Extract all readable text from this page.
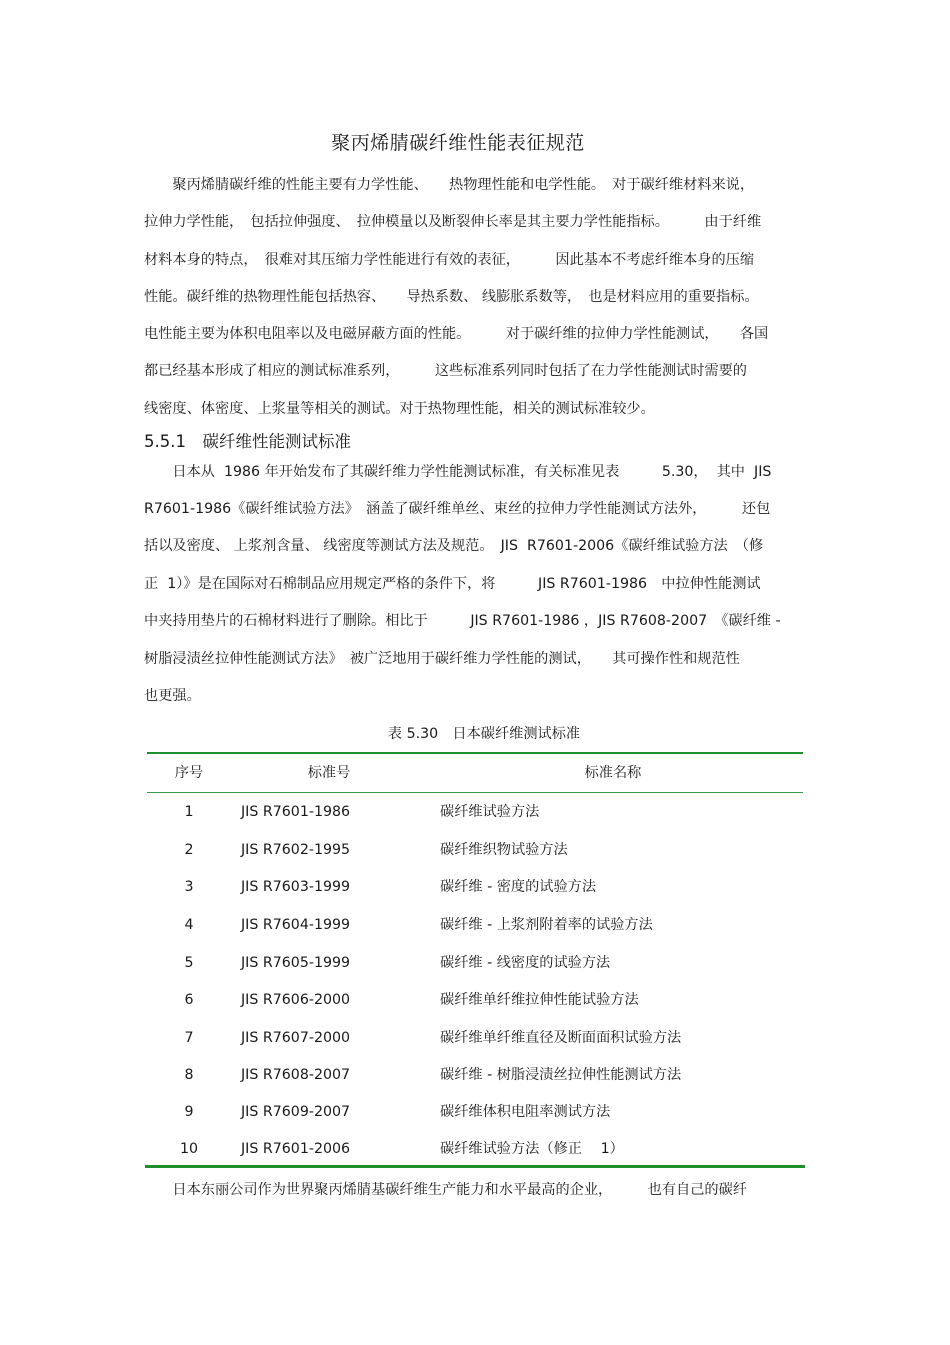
聚丙烯腈碳纤维性能表征规范
　　聚丙烯腈碳纤维的性能主要有力学性能、　　热物理性能和电学性能。　对于碳纤维材料来说，
拉伸力学性能，　包括拉伸强度、　拉伸模量以及断裂伸长率是其主要力学性能指标。　　　由于纤维
材料本身的特点，　很难对其压缩力学性能进行有效的表征，　　　因此基本不考虑纤维本身的压缩
性能。碳纤维的热物理性能包括热容、　　导热系数、 线膨胀系数等，　也是材料应用的重要指标。
电性能主要为体积电阻率以及电磁屏蔽方面的性能。　　　对于碳纤维的拉伸力学性能测试，　　各国
都已经基本形成了相应的测试标准系列，　　　这些标准系列同时包括了在力学性能测试时需要的
线密度、体密度、上浆量等相关的测试。对于热物理性能，相关的测试标准较少。
5.5.1　碳纤维性能测试标准
　　日本从  1986 年开始发布了其碳纤维力学性能测试标准，有关标准见表　　　5.30，  其中  JIS
R7601-1986《碳纤维试验方法》　涵盖了碳纤维单丝、束丝的拉伸力学性能测试方法外，　　　还包
括以及密度、 上浆剂含量、 线密度等测试方法及规范。　JIS  R7601-2006《碳纤维试验方法　（修
正  1）》是在国际对石棉制品应用规定严格的条件下，将　　　JIS R7601-1986　中拉伸性能测试
中夹持用垫片的石棉材料进行了删除。相比于　　　JIS R7601-1986 ，JIS R7608-2007　《碳纤维 -
树脂浸渍丝拉伸性能测试方法》　被广泛地用于碳纤维力学性能的测试，　　其可操作性和规范性
也更强。
表 5.30　日本碳纤维测试标准
序号	标准号	标准名称
1	JIS R7601-1986	碳纤维试验方法
2	JIS R7602-1995	碳纤维织物试验方法
3	JIS R7603-1999	碳纤维 - 密度的试验方法
4	JIS R7604-1999	碳纤维 - 上浆剂附着率的试验方法
5	JIS R7605-1999	碳纤维 - 线密度的试验方法
6	JIS R7606-2000	碳纤维单纤维拉伸性能试验方法
7	JIS R7607-2000	碳纤维单纤维直径及断面面积试验方法
8	JIS R7608-2007	碳纤维 - 树脂浸渍丝拉伸性能测试方法
9	JIS R7609-2007	碳纤维体积电阻率测试方法
10	JIS R7601-2006	碳纤维试验方法（修正　 1）
　　日本东丽公司作为世界聚丙烯腈基碳纤维生产能力和水平最高的企业，　　　也有自己的碳纤
